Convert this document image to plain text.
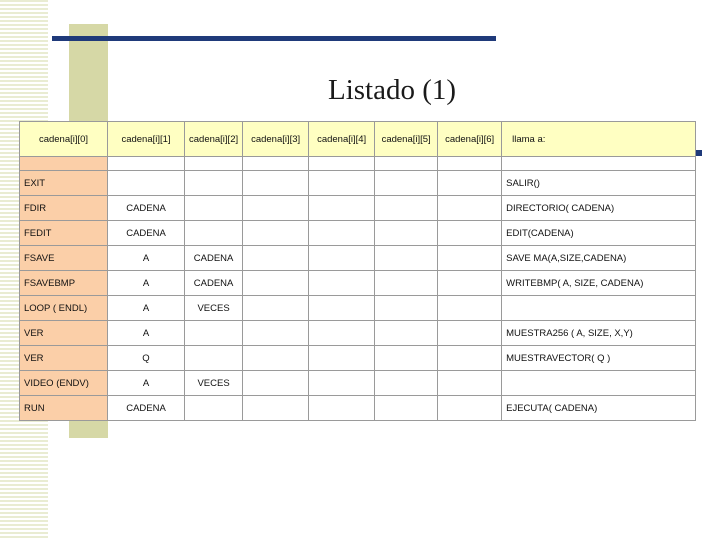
Listado (1)
cadena[i][0]	cadena[i][1]	cadena[i][2]	cadena[i][3]	cadena[i][4]	cadena[i][5]	cadena[i][6]	llama a:

EXIT							SALIR()
FDIR	CADENA						DIRECTORIO( CADENA)
FEDIT	CADENA						EDIT(CADENA)
FSAVE	A	CADENA					SAVE MA(A,SIZE,CADENA)
FSAVEBMP	A	CADENA					WRITEBMP( A, SIZE, CADENA)
LOOP ( ENDL)	A	VECES					
VER	A						MUESTRA256 ( A, SIZE, X,Y)
VER	Q						MUESTRAVECTOR( Q )
VIDEO (ENDV)	A	VECES					
RUN	CADENA						EJECUTA( CADENA)
